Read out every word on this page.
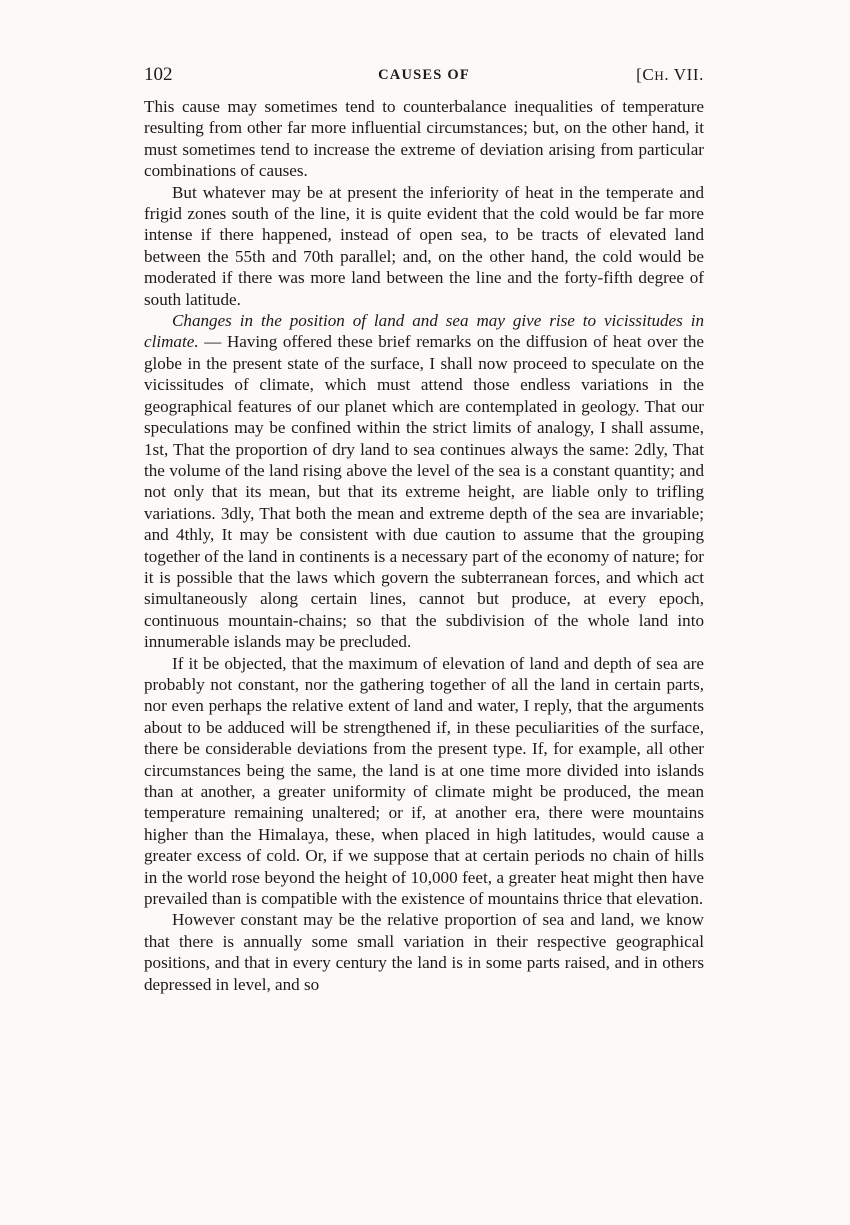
102	CAUSES OF	[CH. VII.

This cause may sometimes tend to counterbalance inequalities of temperature resulting from other far more influential circumstances; but, on the other hand, it must sometimes tend to increase the extreme of deviation arising from particular combinations of causes.

But whatever may be at present the inferiority of heat in the temperate and frigid zones south of the line, it is quite evident that the cold would be far more intense if there happened, instead of open sea, to be tracts of elevated land between the 55th and 70th parallel; and, on the other hand, the cold would be moderated if there was more land between the line and the forty-fifth degree of south latitude.

Changes in the position of land and sea may give rise to vicissitudes in climate. — Having offered these brief remarks on the diffusion of heat over the globe in the present state of the surface, I shall now proceed to speculate on the vicissitudes of climate, which must attend those endless variations in the geographical features of our planet which are contemplated in geology. That our speculations may be confined within the strict limits of analogy, I shall assume, 1st, That the proportion of dry land to sea continues always the same: 2dly, That the volume of the land rising above the level of the sea is a constant quantity; and not only that its mean, but that its extreme height, are liable only to trifling variations. 3dly, That both the mean and extreme depth of the sea are invariable; and 4thly, It may be consistent with due caution to assume that the grouping together of the land in continents is a necessary part of the economy of nature; for it is possible that the laws which govern the subterranean forces, and which act simultaneously along certain lines, cannot but produce, at every epoch, continuous mountain-chains; so that the subdivision of the whole land into innumerable islands may be precluded.

If it be objected, that the maximum of elevation of land and depth of sea are probably not constant, nor the gathering together of all the land in certain parts, nor even perhaps the relative extent of land and water, I reply, that the arguments about to be adduced will be strengthened if, in these peculiarities of the surface, there be considerable deviations from the present type. If, for example, all other circumstances being the same, the land is at one time more divided into islands than at another, a greater uniformity of climate might be produced, the mean temperature remaining unaltered; or if, at another era, there were mountains higher than the Himalaya, these, when placed in high latitudes, would cause a greater excess of cold. Or, if we suppose that at certain periods no chain of hills in the world rose beyond the height of 10,000 feet, a greater heat might then have prevailed than is compatible with the existence of mountains thrice that elevation.

However constant may be the relative proportion of sea and land, we know that there is annually some small variation in their respective geographical positions, and that in every century the land is in some parts raised, and in others depressed in level, and so
